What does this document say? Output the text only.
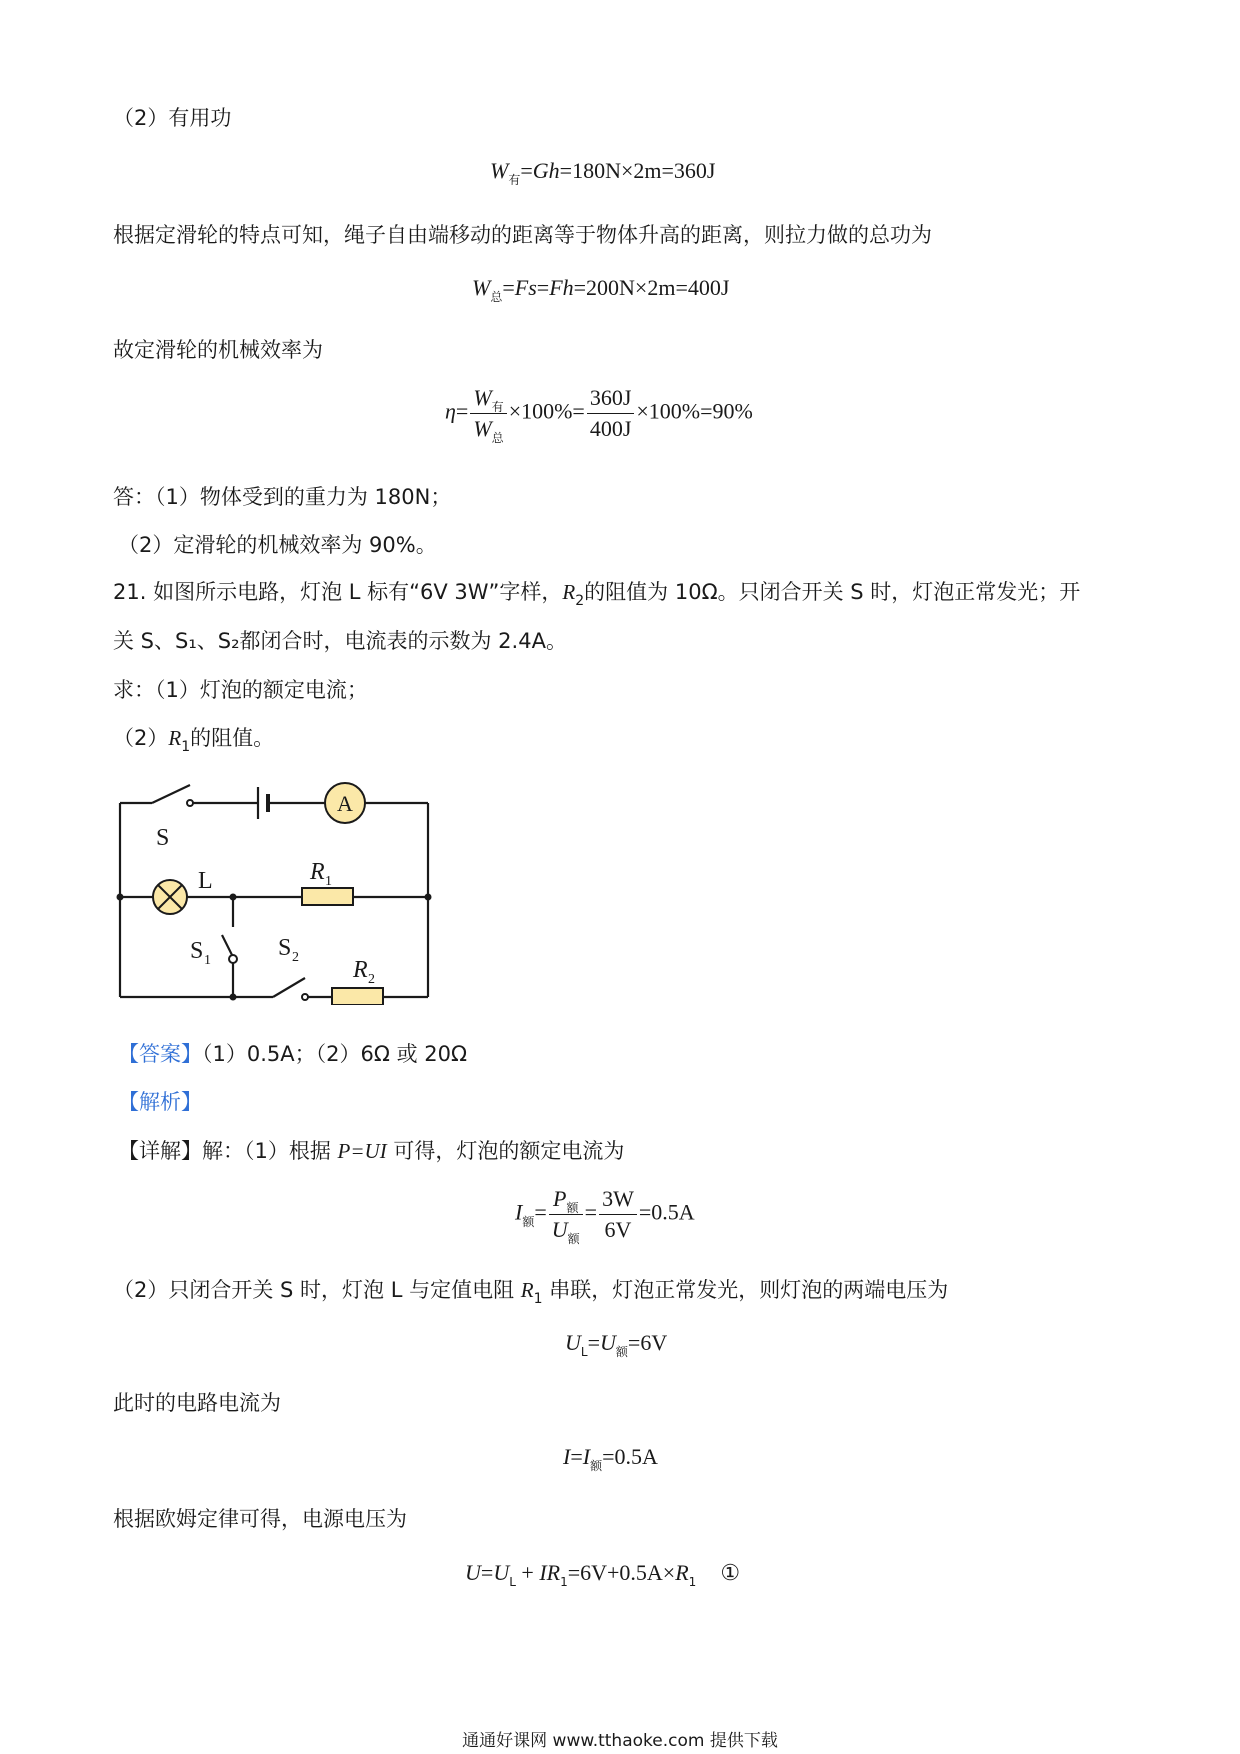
（2）有用功
$W_有=Gh=180N\times 2m=360J$
根据定滑轮的特点可知，绳子自由端移动的距离等于物体升高的距离，则拉力做的总功为
$W_总=Fs=Fh=200N\times 2m=400J$
故定滑轮的机械效率为
$\eta= \frac{W_有}{W_总} \times 100\%= \frac{360J}{400J} \times 100\%=90\%$
答：（1）物体受到的重力为 180N；
（2）定滑轮的机械效率为 90%。
21. 如图所示电路，灯泡 L 标有“6V 3W”字样，$R_2$的阻值为 10Ω。只闭合开关 S 时，灯泡正常发光；开
关 S、S₁、S₂都闭合时，电流表的示数为 2.4A。
求：（1）灯泡的额定电流；
$(2)R_1$的阻值。
A
S
L	R 1
S 1	S 2 R 2
【答案】（1）0.5A；（2）6Ω 或 20Ω
【解析】
【详解】解：（1）根据 P=UI 可得，灯泡的额定电流为
$I_额= \frac{P_额}{U_额} = \frac{3W}{6V} =0.5A$
（2）只闭合开关 S 时，灯泡 L 与定值电阻 $R_1$ 串联，灯泡正常发光，则灯泡的两端电压为
$U_L=U_额=6V$
此时的电路电流为
$I=I_额=0.5A$
根据欧姆定律可得，电源电压为
$U=U_L + IR_1=6V+0.5A\times R_1$ ①
通通好课网 www.tthaoke.com 提供下载
